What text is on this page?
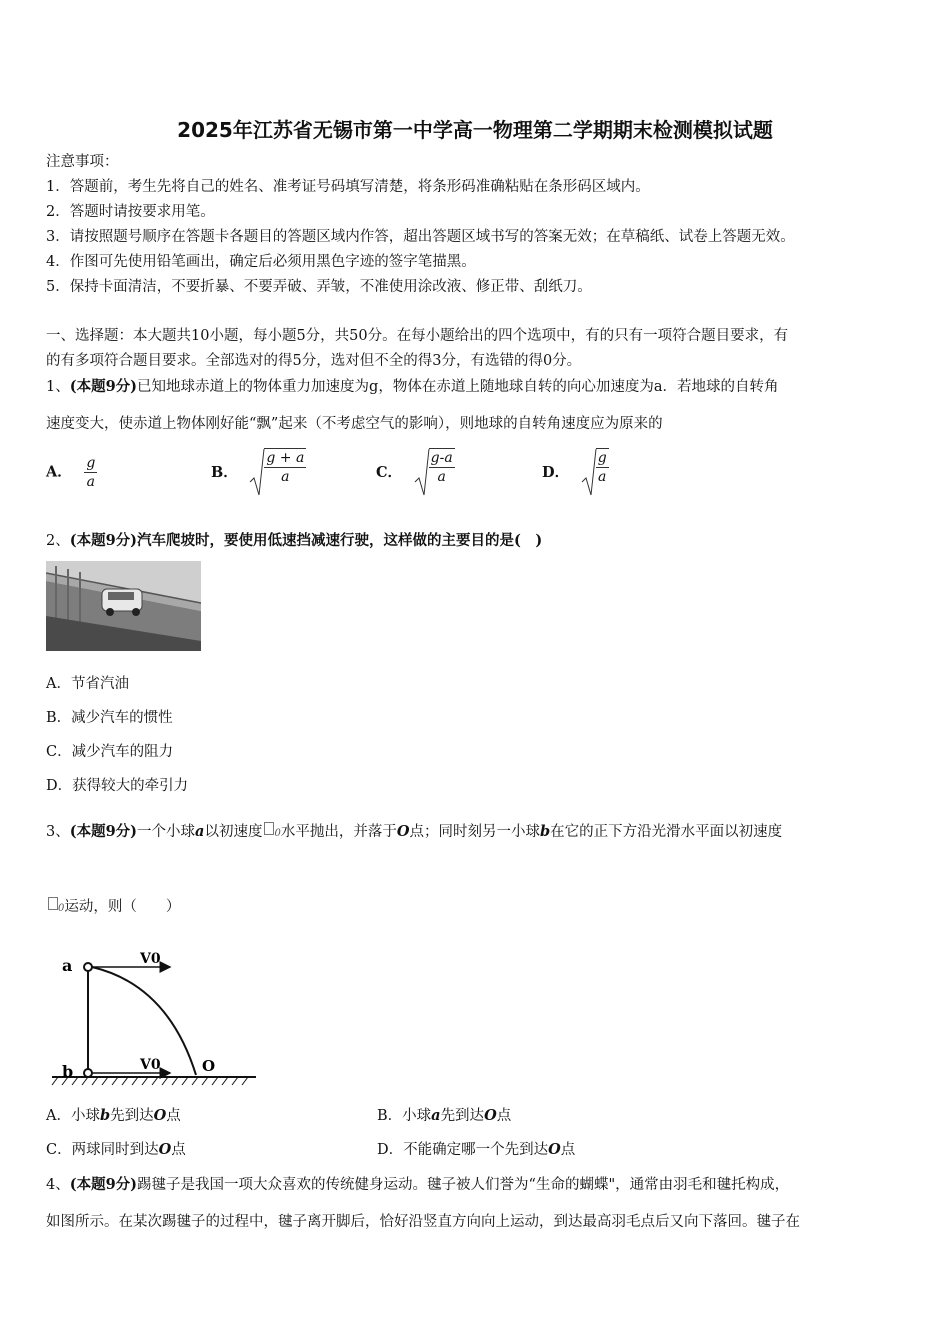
2025年江苏省无锡市第一中学高一物理第二学期期末检测模拟试题
注意事项：
1．答题前，考生先将自己的姓名、准考证号码填写清楚，将条形码准确粘贴在条形码区域内。
2．答题时请按要求用笔。
3．请按照题号顺序在答题卡各题目的答题区域内作答，超出答题区域书写的答案无效；在草稿纸、试卷上答题无效。
4．作图可先使用铅笔画出，确定后必须用黑色字迹的签字笔描黑。
5．保持卡面清洁，不要折暴、不要弄破、弄皱，不准使用涂改液、修正带、刮纸刀。
一、选择题：本大题共10小题，每小题5分，共50分。在每小题给出的四个选项中，有的只有一项符合题目要求，有
的有多项符合题目要求。全部选对的得5分，选对但不全的得3分，有选错的得0分。
1、(本题9分)已知地球赤道上的物体重力加速度为g，物体在赤道上随地球自转的向心加速度为a．若地球的自转角
速度变大，使赤道上物体刚好能“飘”起来（不考虑空气的影响），则地球的自转角速度应为原来的
A． $\frac{g}{a}$	B． $\frac{g + a}{a}$	C． $\frac{g-a}{a}$	D． $\frac{g}{a}$
2、(本题9分)汽车爬坡时，要使用低速挡减速行驶，这样做的主要目的是(　)
A．节省汽油
B．减少汽车的惯性
C．减少汽车的阻力
D．获得较大的牵引力
3、(本题9分)一个小球a以初速度 0水平抛出，并落于O点；同时刻另一小球b在它的正下方沿光滑水平面以初速度
0运动，则（　　）
a
b
V0
V0	O
A．小球b先到达O点	B．小球a先到达O点
C．两球同时到达O点	D．不能确定哪一个先到达O点
4、(本题9分)踢毽子是我国一项大众喜欢的传统健身运动。毽子被人们誉为“生命的蝴蝶"，通常由羽毛和毽托构成，
如图所示。在某次踢毽子的过程中，毽子离开脚后，恰好沿竖直方向向上运动，到达最高羽毛点后又向下落回。毽子在
